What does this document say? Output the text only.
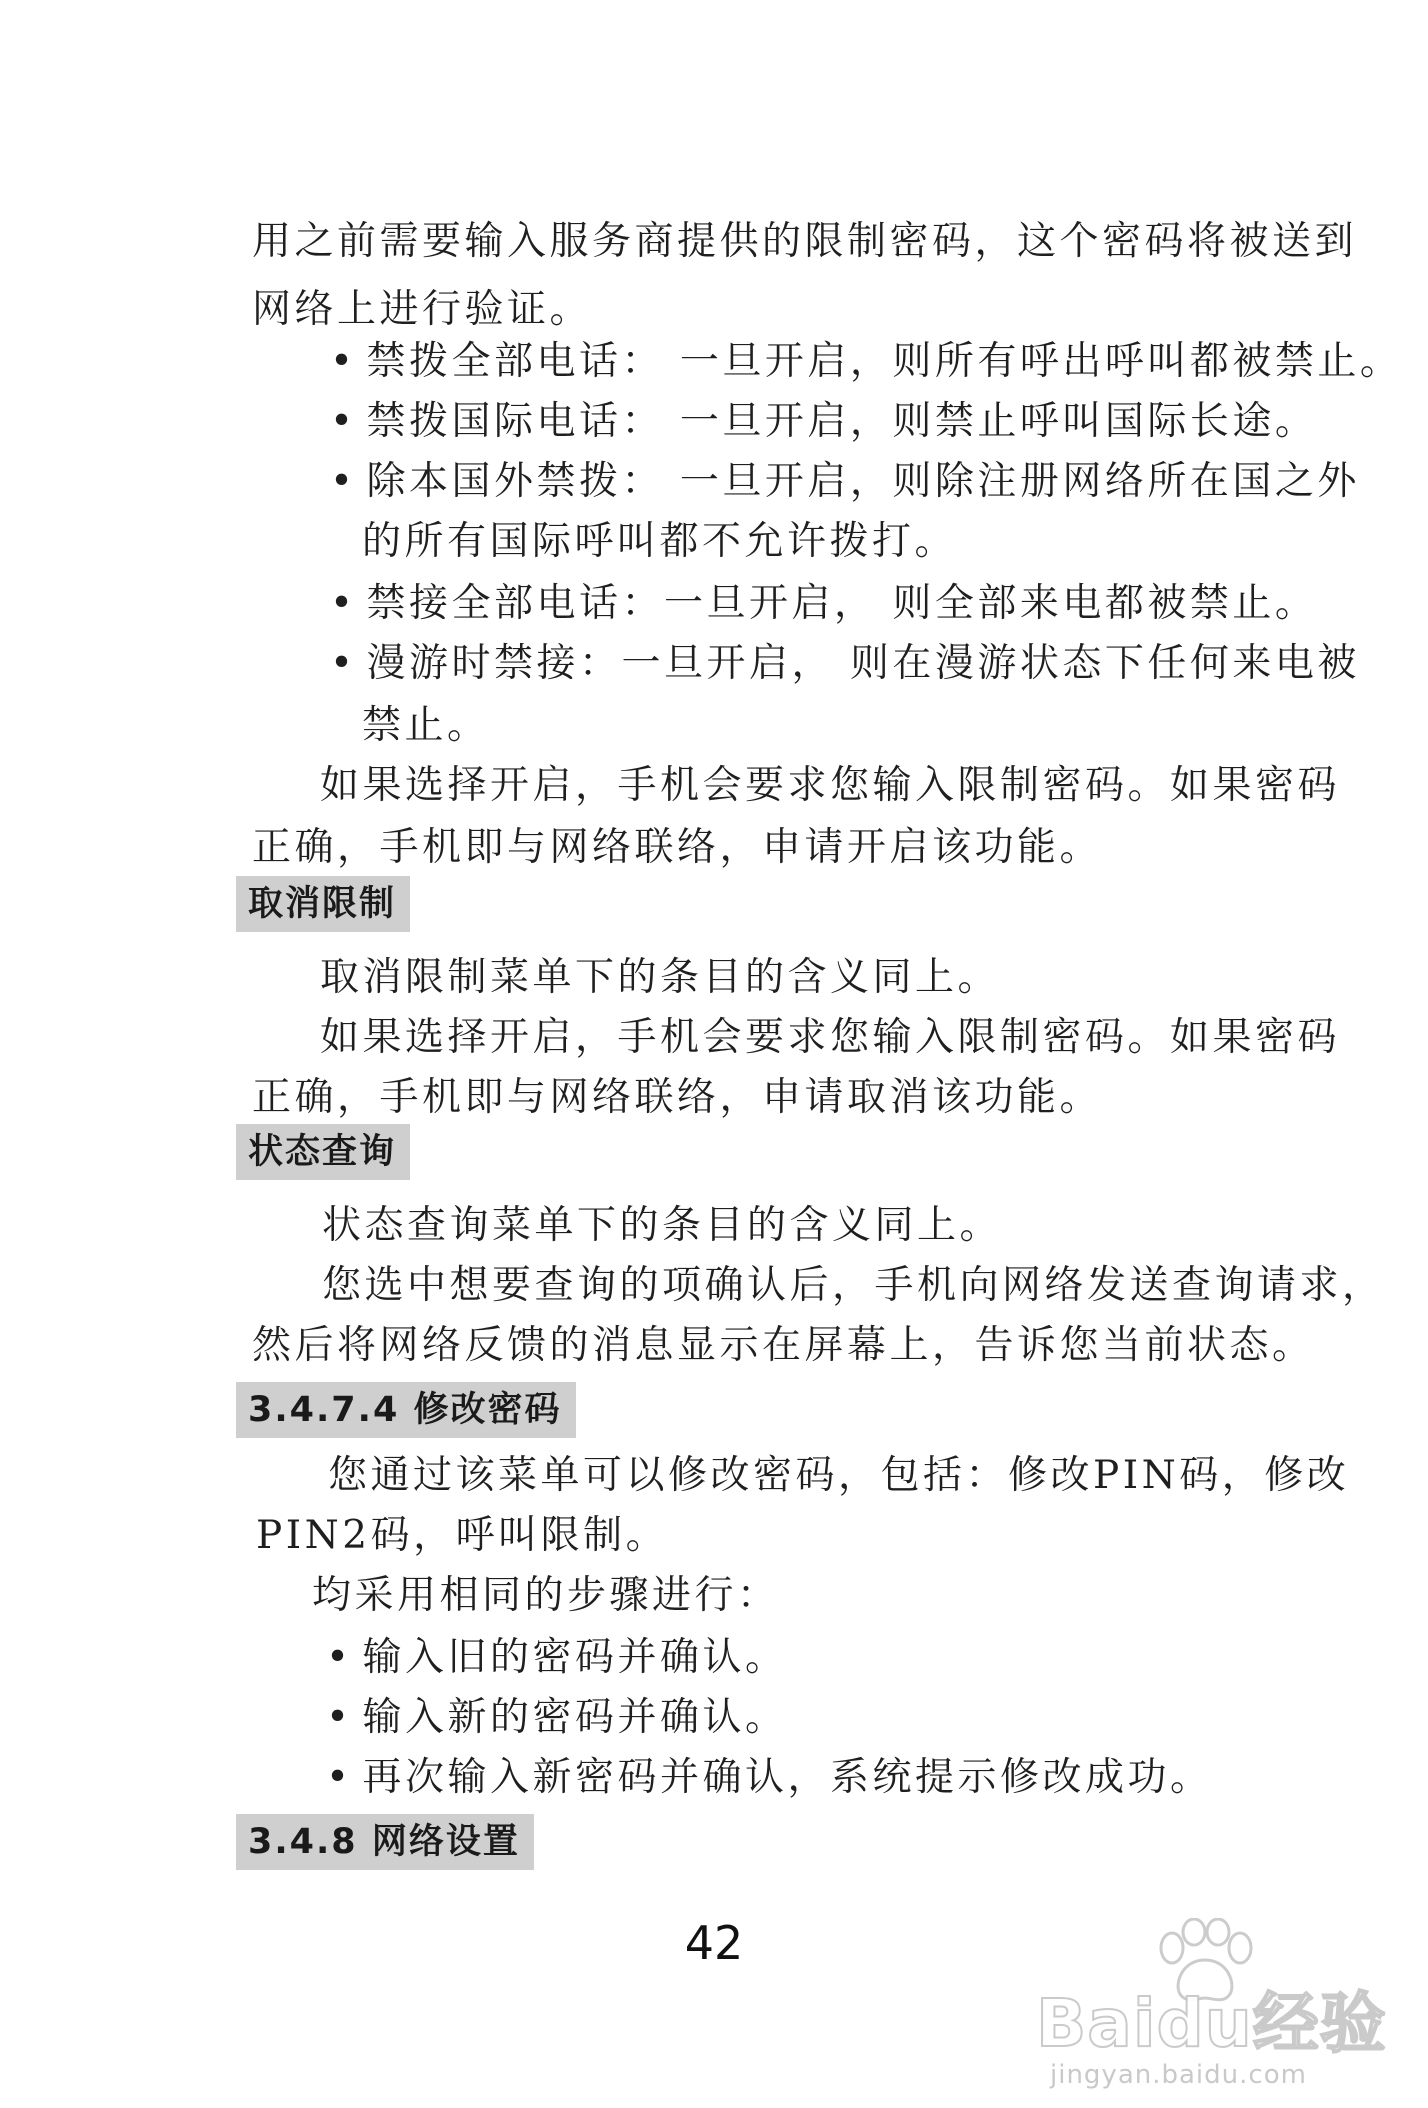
用之前需要输入服务商提供的限制密码，这个密码将被送到
网络上进行验证。
• 禁拨全部电话： 一旦开启，则所有呼出呼叫都被禁止。
• 禁拨国际电话： 一旦开启，则禁止呼叫国际长途。
• 除本国外禁拨： 一旦开启，则除注册网络所在国之外
的所有国际呼叫都不允许拨打。
• 禁接全部电话：一旦开启， 则全部来电都被禁止。
• 漫游时禁接：一旦开启， 则在漫游状态下任何来电被
禁止。
如果选择开启，手机会要求您输入限制密码。如果密码
正确，手机即与网络联络，申请开启该功能。
取消限制
取消限制菜单下的条目的含义同上。
如果选择开启，手机会要求您输入限制密码。如果密码
正确，手机即与网络联络，申请取消该功能。
状态查询
状态查询菜单下的条目的含义同上。
您选中想要查询的项确认后，手机向网络发送查询请求，
然后将网络反馈的消息显示在屏幕上，告诉您当前状态。
3.4.7.4 修改密码
您通过该菜单可以修改密码，包括：修改PIN码，修改
PIN2码，呼叫限制。
均采用相同的步骤进行：
• 输入旧的密码并确认。
• 输入新的密码并确认。
• 再次输入新密码并确认，系统提示修改成功。
3.4.8 网络设置
42
Baidu经验
jingyan.baidu.com
